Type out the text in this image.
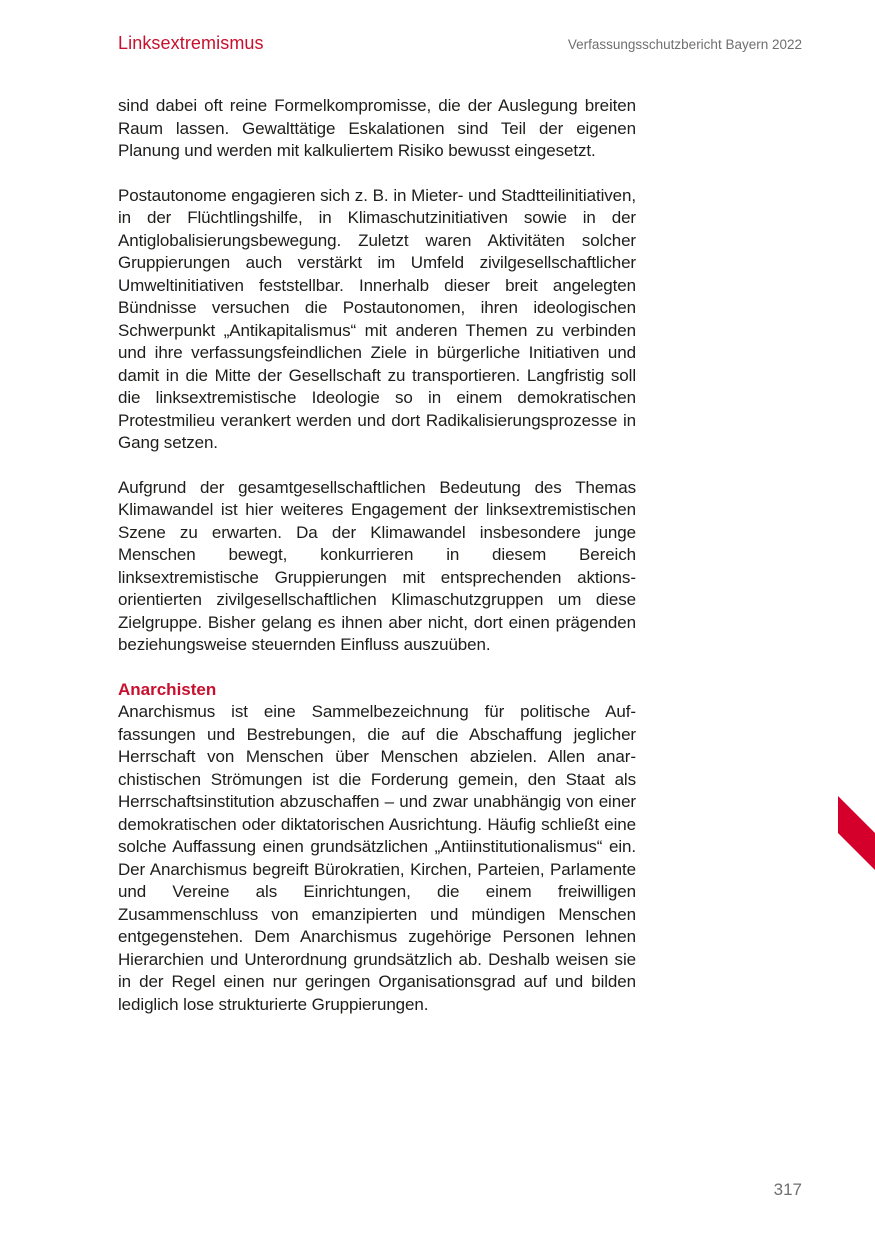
Linksextremismus	Verfassungsschutzbericht Bayern 2022

sind dabei oft reine Formelkompromisse, die der Auslegung breiten Raum lassen. Gewalttätige Eskalationen sind Teil der eigenen Planung und werden mit kalkuliertem Risiko bewusst eingesetzt.

Postautonome engagieren sich z. B. in Mieter- und Stadtteilinitiativen, in der Flüchtlingshilfe, in Klimaschutzinitiativen sowie in der Antiglobalisierungsbewegung. Zuletzt waren Aktivitäten solcher Gruppierungen auch verstärkt im Umfeld zivilgesellschaftlicher Umweltinitiativen feststellbar. Innerhalb dieser breit angelegten Bündnisse versuchen die Postautonomen, ihren ideologischen Schwerpunkt „Antikapitalismus“ mit anderen Themen zu verbinden und ihre verfassungsfeindlichen Ziele in bürgerliche Initiativen und damit in die Mitte der Gesellschaft zu transportieren. Langfristig soll die linksextremistische Ideologie so in einem demokratischen Protestmilieu verankert werden und dort Radikalisierungsprozesse in Gang setzen.

Aufgrund der gesamtgesellschaftlichen Bedeutung des Themas Klimawandel ist hier weiteres Engagement der linksextremistischen Szene zu erwarten. Da der Klimawandel insbesondere junge Menschen bewegt, konkurrieren in diesem Bereich linksextremistische Gruppierungen mit entsprechenden aktionsorientierten zivilgesellschaftlichen Klimaschutzgruppen um diese Zielgruppe. Bisher gelang es ihnen aber nicht, dort einen prägenden beziehungsweise steuernden Einfluss auszuüben.

Anarchisten

Anarchismus ist eine Sammelbezeichnung für politische Auffassungen und Bestrebungen, die auf die Abschaffung jeglicher Herrschaft von Menschen über Menschen abzielen. Allen anarchistischen Strömungen ist die Forderung gemein, den Staat als Herrschaftsinstitution abzuschaffen – und zwar unabhängig von einer demokratischen oder diktatorischen Ausrichtung. Häufig schließt eine solche Auffassung einen grundsätzlichen „Antiinstitutionalismus“ ein. Der Anarchismus begreift Bürokratien, Kirchen, Parteien, Parlamente und Vereine als Einrichtungen, die einem freiwilligen Zusammenschluss von emanzipierten und mündigen Menschen entgegenstehen. Dem Anarchismus zugehörige Personen lehnen Hierarchien und Unterordnung grundsätzlich ab. Deshalb weisen sie in der Regel einen nur geringen Organisationsgrad auf und bilden lediglich lose strukturierte Gruppierungen.

317
